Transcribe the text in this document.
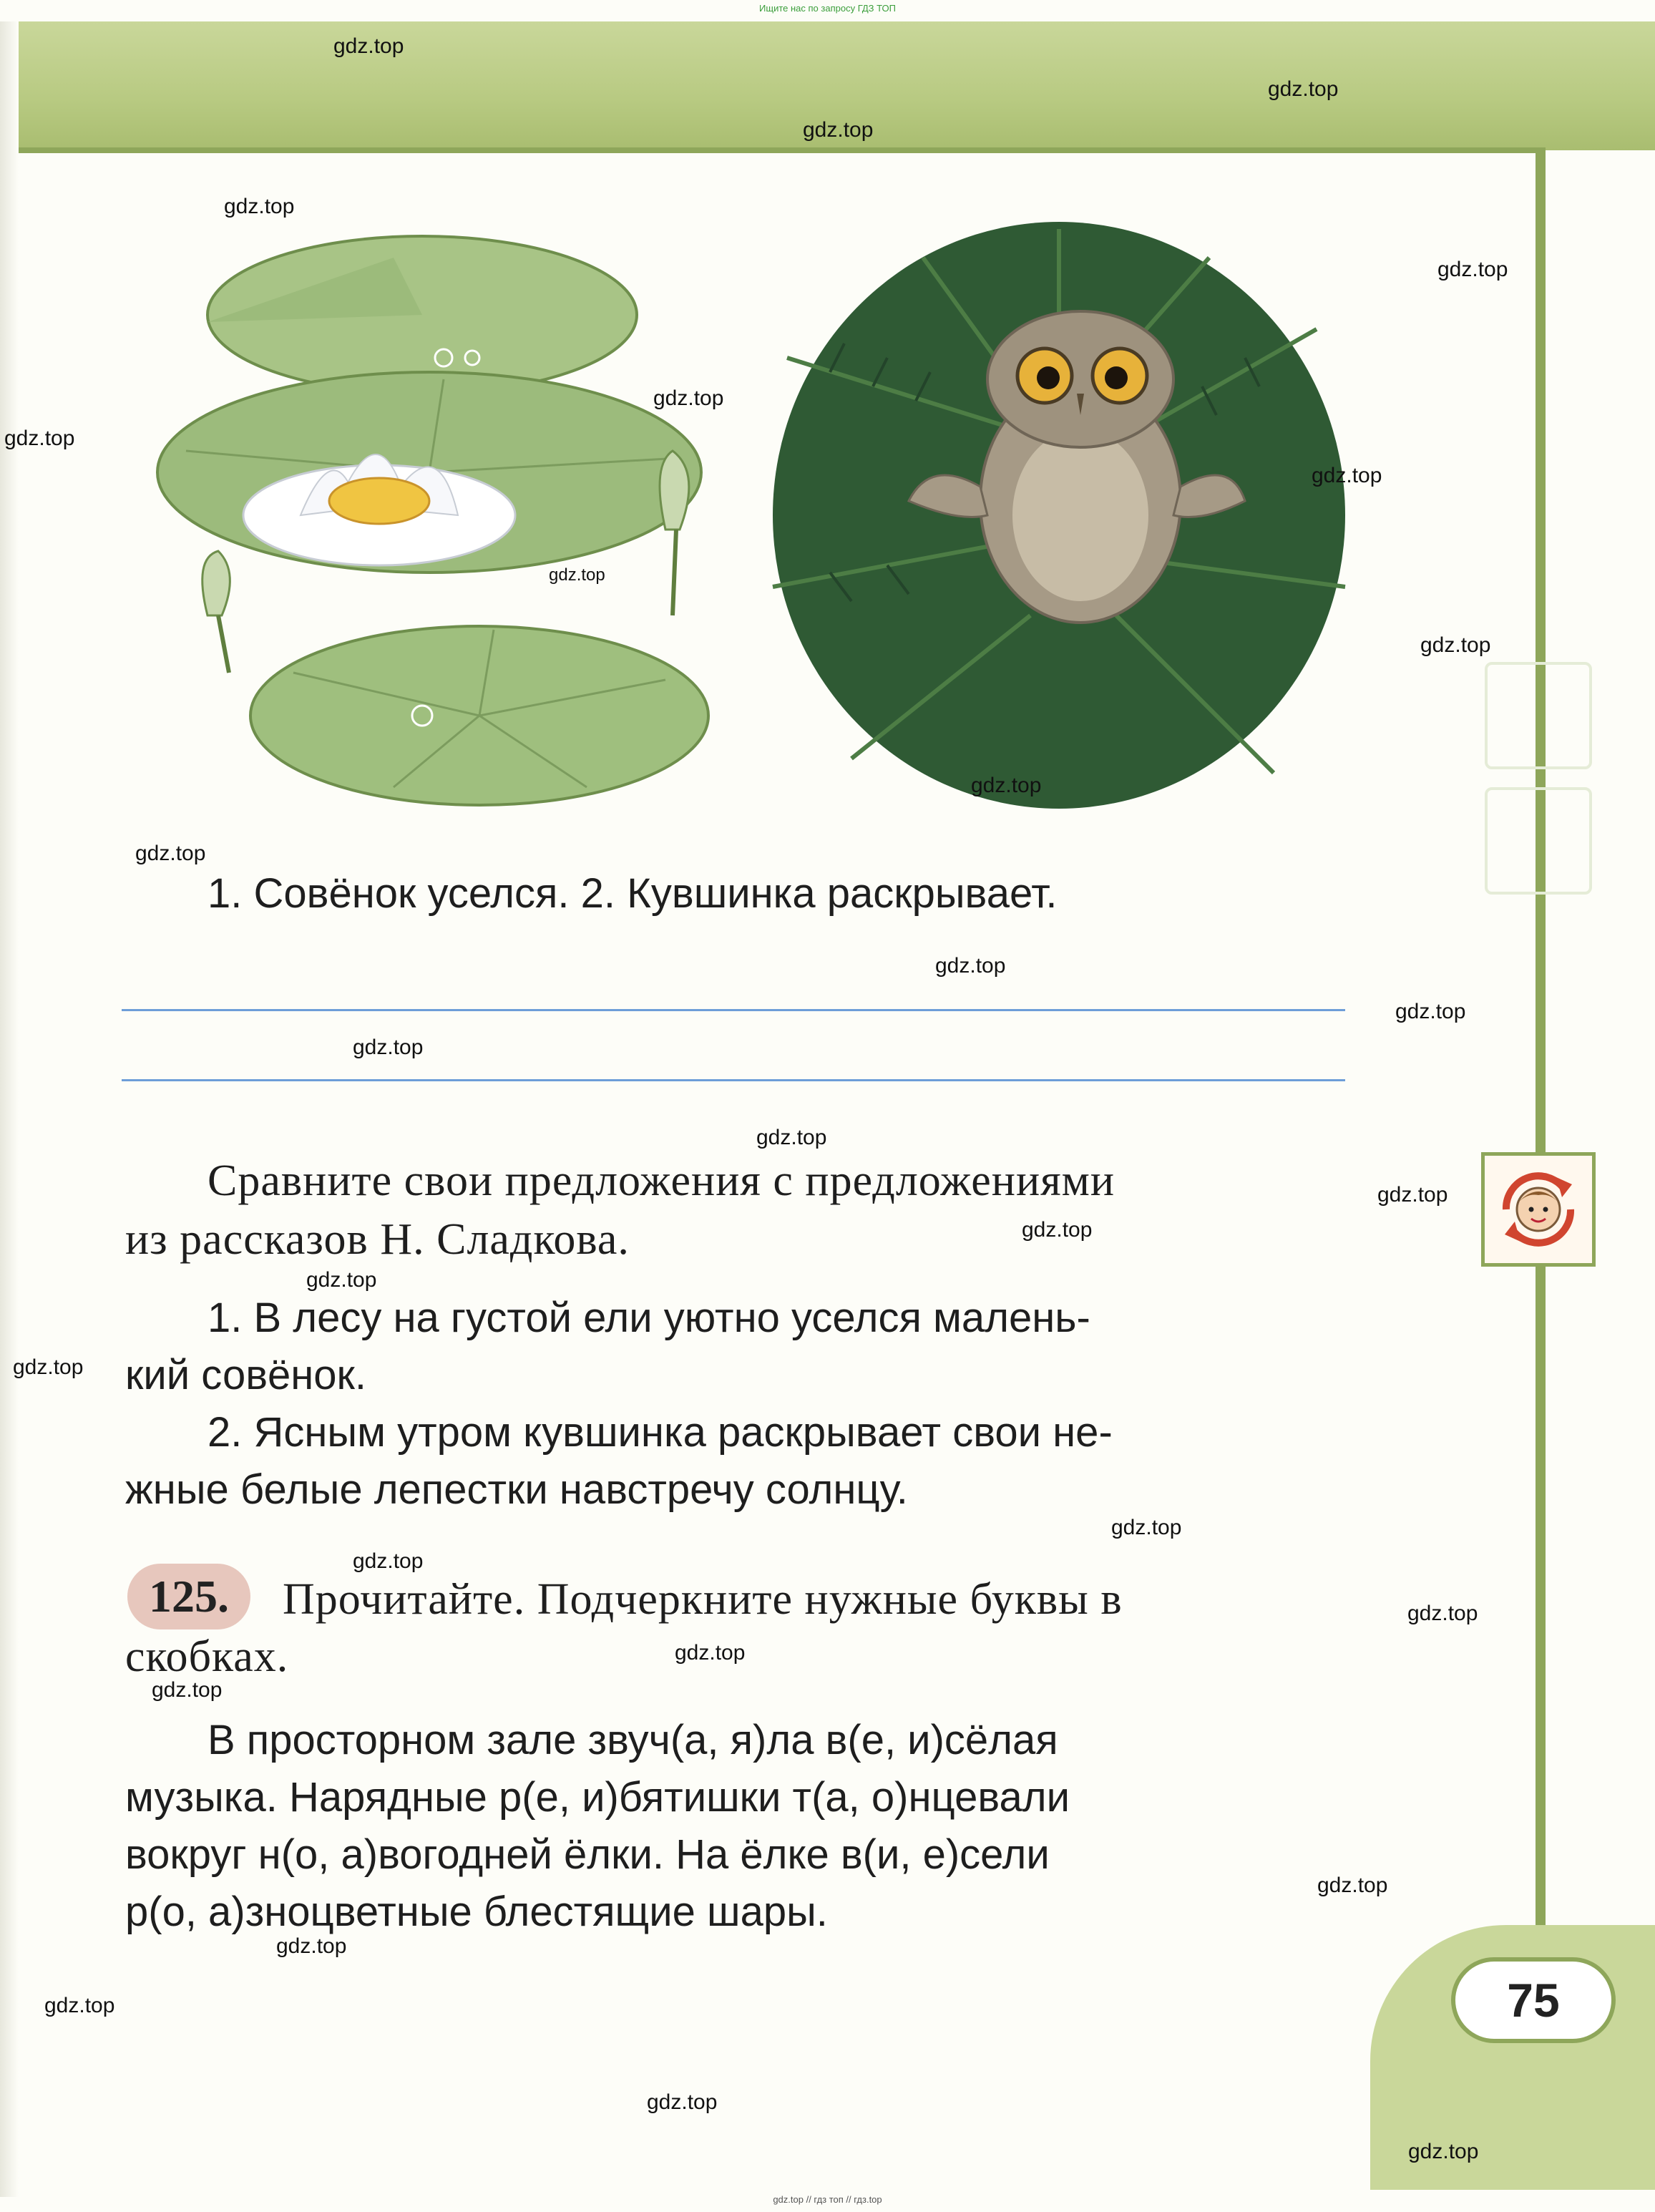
75
Ищите нас по запросу ГДЗ ТОП
gdz.top // гдз топ // гдз.top
1. Совёнок уселся. 2. Кувшинка раскрывает.
Сравните свои предложения с предложениями
из рассказов Н. Сладкова.
1. В лесу на густой ели уютно уселся малень-
кий совёнок.
2. Ясным утром кувшинка раскрывает свои не-
жные белые лепестки навстречу солнцу.
125.	Прочитайте. Подчеркните нужные буквы в
скобках.
В просторном зале звуч(а, я)ла в(е, и)сёлая
музыка. Нарядные р(е, и)бятишки т(а, о)нцевали
вокруг н(о, а)вогодней ёлки. На ёлке в(и, е)сели
р(о, а)зноцветные блестящие шары.
gdz.top
gdz.top
gdz.top
gdz.top
gdz.top
gdz.top
gdz.top
gdz.top
gdz.top
gdz.top
gdz.top
gdz.top
gdz.top
gdz.top
gdz.top
gdz.top
gdz.top
gdz.top
gdz.top
gdz.top
gdz.top
gdz.top
gdz.top
gdz.top
gdz.top
gdz.top
gdz.top
gdz.top
gdz.top
gdz.top
